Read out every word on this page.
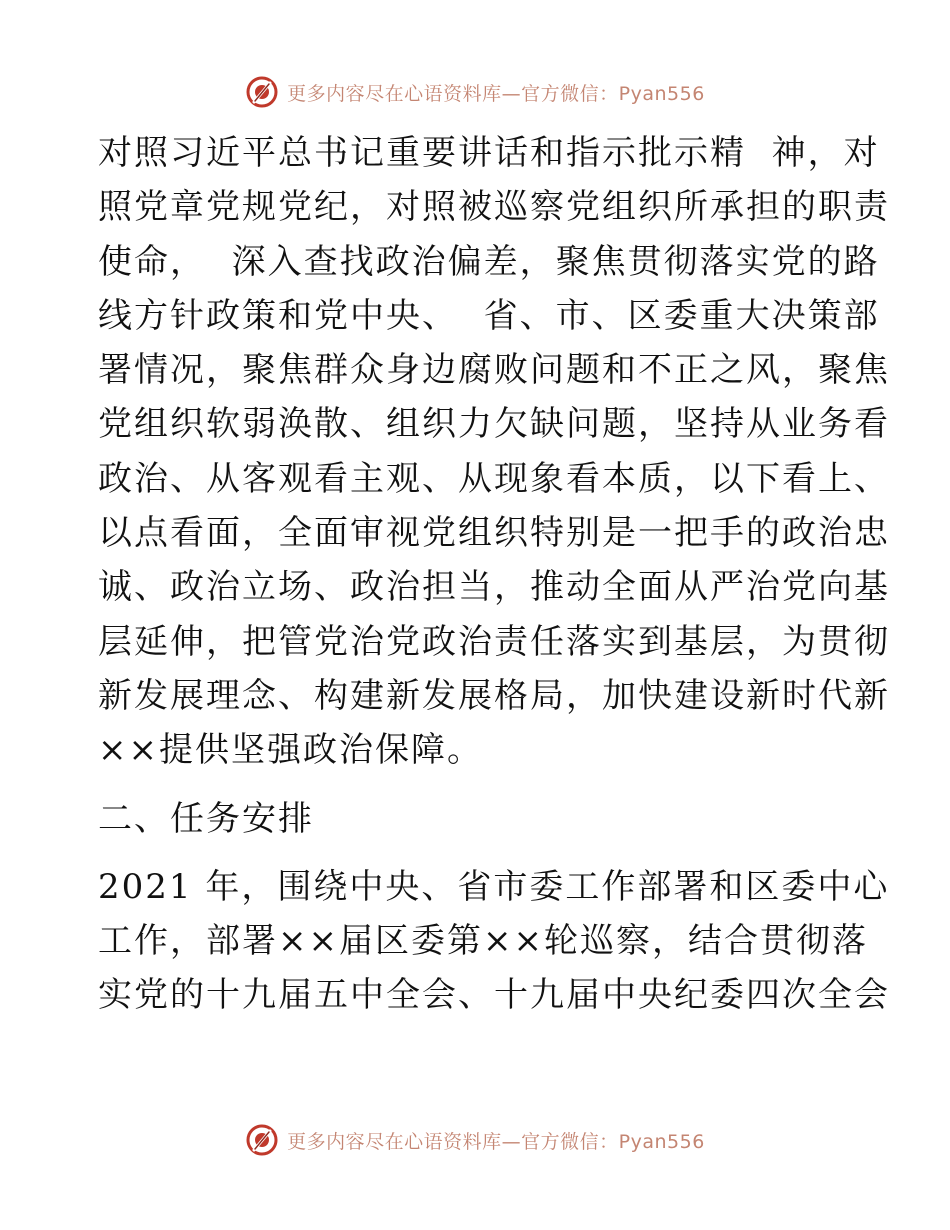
更多内容尽在心语资料库—官方微信：Pyan556
对照习近平总书记重要讲话和指示批示精  神，对
照党章党规党纪，对照被巡察党组织所承担的职责
使命，  深入查找政治偏差，聚焦贯彻落实党的路
线方针政策和党中央、  省、市、区委重大决策部
署情况，聚焦群众身边腐败问题和不正之风，聚焦
党组织软弱涣散、组织力欠缺问题，坚持从业务看
政治、从客观看主观、从现象看本质，以下看上、
以点看面，全面审视党组织特别是一把手的政治忠
诚、政治立场、政治担当，推动全面从严治党向基
层延伸，把管党治党政治责任落实到基层，为贯彻
新发展理念、构建新发展格局，加快建设新时代新
××提供坚强政治保障。
二、任务安排
2021 年，围绕中央、省市委工作部署和区委中心
工作，部署××届区委第××轮巡察，结合贯彻落
实党的十九届五中全会、十九届中央纪委四次全会
更多内容尽在心语资料库—官方微信：Pyan556
